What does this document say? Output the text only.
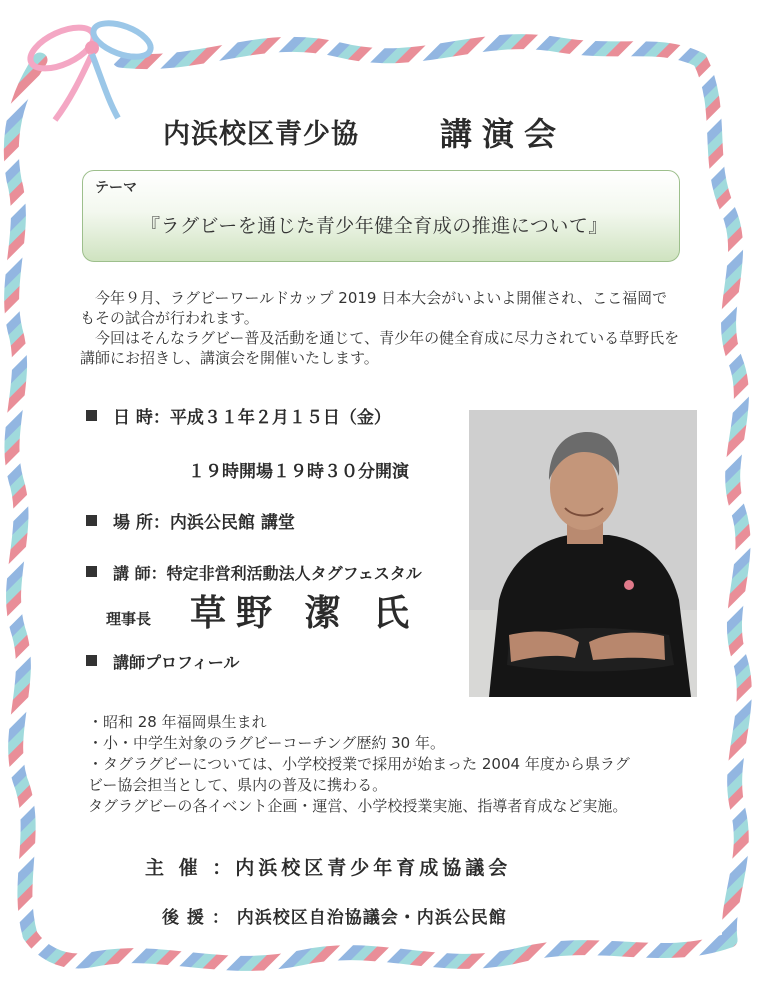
内浜校区青少協	講演会
テーマ
『ラグビーを通じた青少年健全育成の推進について』

今年９月、ラグビーワールドカップ 2019 日本大会がいよいよ開催され、ここ福岡でもその試合が行われます。

今回はそんなラグビー普及活動を通じて、青少年の健全育成に尽力されている草野氏を講師にお招きし、講演会を開催いたします。

日 時：平成３１年２月１５日（金）
１９時開場１９時３０分開演
場 所：内浜公民館 講堂
講 師：特定非営利活動法人タグフェスタル
理事長 草野 潔 氏
講師プロフィール
・昭和 28 年福岡県生まれ
・小・中学生対象のラグビーコーチング歴約 30 年。
・タグラグビーについては、小学校授業で採用が始まった 2004 年度から県ラグ
ビー協会担当として、県内の普及に携わる。
タグラグビーの各イベント企画・運営、小学校授業実施、指導者育成など実施。
主 催 ：内浜校区青少年育成協議会
後 援 ： 内浜校区自治協議会・内浜公民館
